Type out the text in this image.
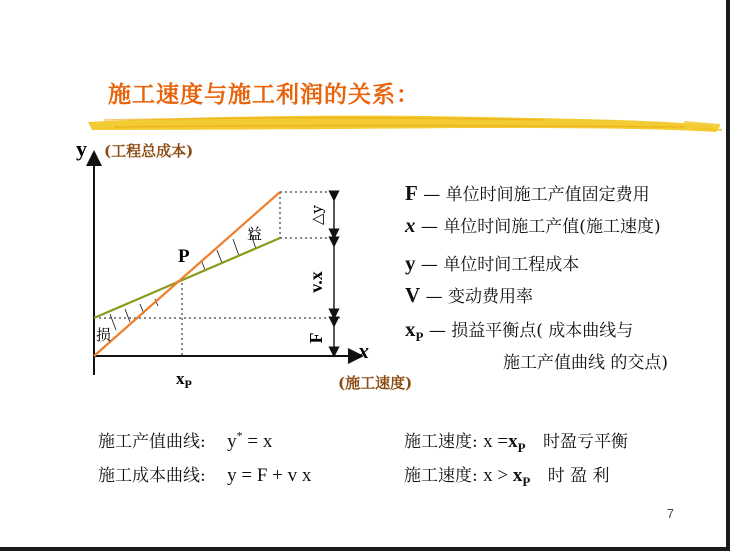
施工速度与施工利润的关系：
y (工程总成本)
x
(施工速度)
P
$x_P$
益
损	F
v.x
△y
F — 单位时间施工产值固定费用
x — 单位时间施工产值(施工速度)
y — 单位时间工程成本
V — 变动费用率
$x_P$ — 损益平衡点( 成本曲线与
施工产值曲线 的交点)
施工产值曲线: y* = x
施工成本曲线: y = F + v x
施工速度: $x =x_P$ 时盈亏平衡
施工速度: $x > x_P$ 时 盈 利
7
